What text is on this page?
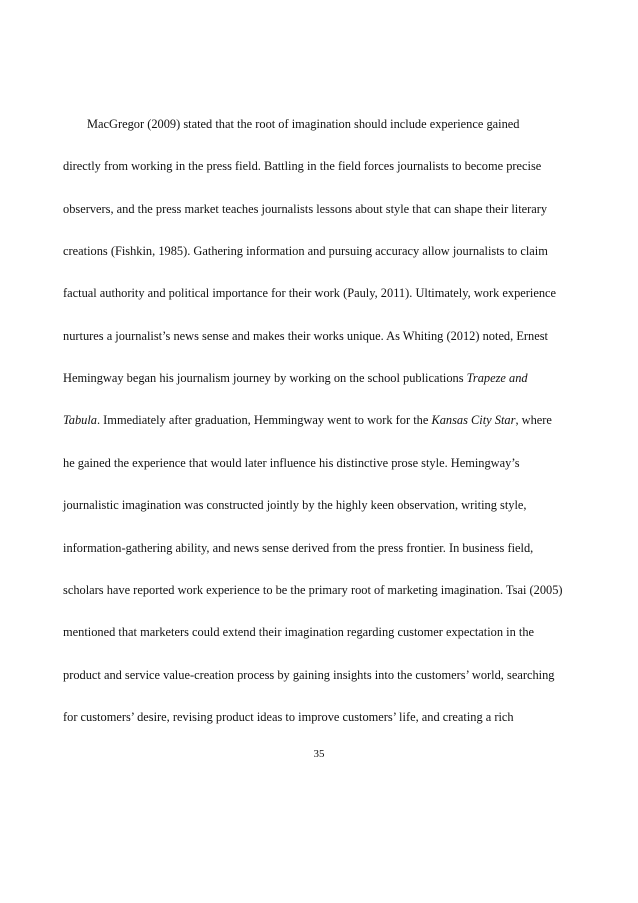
MacGregor (2009) stated that the root of imagination should include experience gained
directly from working in the press field. Battling in the field forces journalists to become precise
observers, and the press market teaches journalists lessons about style that can shape their literary
creations (Fishkin, 1985). Gathering information and pursuing accuracy allow journalists to claim
factual authority and political importance for their work (Pauly, 2011). Ultimately, work experience
nurtures a journalist’s news sense and makes their works unique. As Whiting (2012) noted, Ernest
Hemingway began his journalism journey by working on the school publications Trapeze and
Tabula. Immediately after graduation, Hemmingway went to work for the Kansas City Star, where
he gained the experience that would later influence his distinctive prose style. Hemingway’s
journalistic imagination was constructed jointly by the highly keen observation, writing style,
information-gathering ability, and news sense derived from the press frontier. In business field,
scholars have reported work experience to be the primary root of marketing imagination. Tsai (2005)
mentioned that marketers could extend their imagination regarding customer expectation in the
product and service value-creation process by gaining insights into the customers’ world, searching
for customers’ desire, revising product ideas to improve customers’ life, and creating a rich
35
